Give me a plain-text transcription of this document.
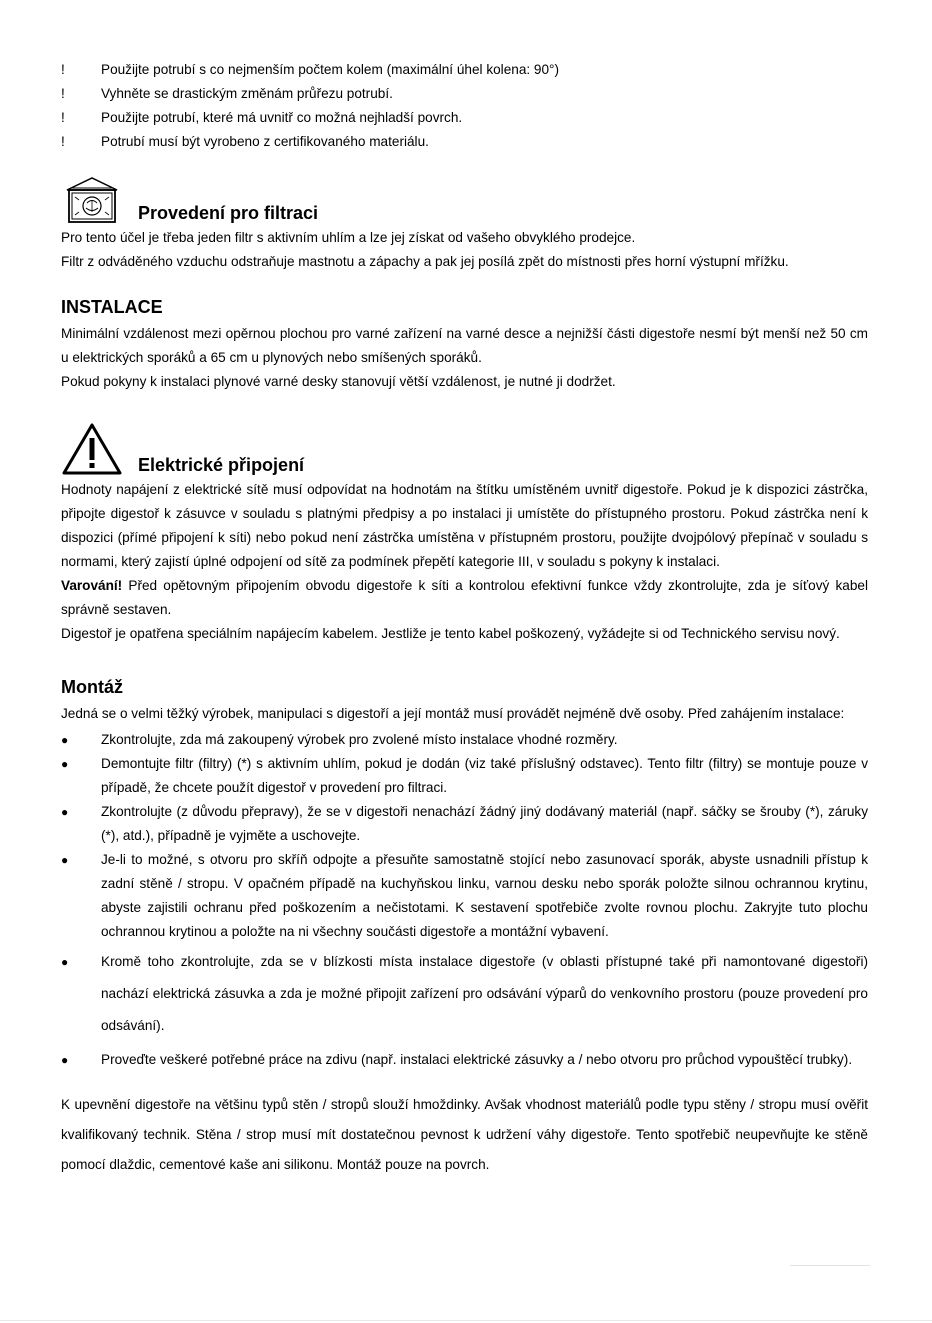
!	Použijte potrubí s co nejmenším počtem kolem (maximální úhel kolena: 90°)
!	Vyhněte se drastickým změnám průřezu potrubí.
!	Použijte potrubí, které má uvnitř co možná nejhladší povrch.
!	Potrubí musí být vyrobeno z certifikovaného materiálu.
Provedení pro filtraci

Pro tento účel je třeba jeden filtr s aktivním uhlím a lze jej získat od vašeho obvyklého prodejce.

Filtr z odváděného vzduchu odstraňuje mastnotu a zápachy a pak jej posílá zpět do místnosti přes horní výstupní mřížku.

INSTALACE

Minimální vzdálenost mezi opěrnou plochou pro varné zařízení na varné desce a nejnižší části digestoře nesmí být menší než 50 cm u elektrických sporáků a 65 cm u plynových nebo smíšených sporáků.

Pokud pokyny k instalaci plynové varné desky stanovují větší vzdálenost, je nutné ji dodržet.

Elektrické připojení

Hodnoty napájení z elektrické sítě musí odpovídat na hodnotám na štítku umístěném uvnitř digestoře. Pokud je k dispozici zástrčka, připojte digestoř k zásuvce v souladu s platnými předpisy a po instalaci ji umístěte do přístupného prostoru. Pokud zástrčka není k dispozici (přímé připojení k síti) nebo pokud není zástrčka umístěna v přístupném prostoru, použijte dvojpólový přepínač v souladu s normami, který zajistí úplné odpojení od sítě za podmínek přepětí kategorie III, v souladu s pokyny k instalaci.

Varování! Před opětovným připojením obvodu digestoře k síti a kontrolou efektivní funkce vždy zkontrolujte, zda je síťový kabel správně sestaven.

Digestoř je opatřena speciálním napájecím kabelem. Jestliže je tento kabel poškozený, vyžádejte si od Technického servisu nový.

Montáž

Jedná se o velmi těžký výrobek, manipulaci s digestoří a její montáž musí provádět nejméně dvě osoby. Před zahájením instalace:

● Zkontrolujte, zda má zakoupený výrobek pro zvolené místo instalace vhodné rozměry.
● Demontujte filtr (filtry) (*) s aktivním uhlím, pokud je dodán (viz také příslušný odstavec). Tento filtr (filtry) se montuje pouze v případě, že chcete použít digestoř v provedení pro filtraci.
● Zkontrolujte (z důvodu přepravy), že se v digestoři nenachází žádný jiný dodávaný materiál (např. sáčky se šrouby (*), záruky (*), atd.), případně je vyjměte a uschovejte.
● Je-li to možné, s otvoru pro skříň odpojte a přesuňte samostatně stojící nebo zasunovací sporák, abyste usnadnili přístup k zadní stěně / stropu. V opačném případě na kuchyňskou linku, varnou desku nebo sporák položte silnou ochrannou krytinu, abyste zajistili ochranu před poškozením a nečistotami. K sestavení spotřebiče zvolte rovnou plochu. Zakryjte tuto plochu ochrannou krytinou a položte na ni všechny součásti digestoře a montážní vybavení.
● Kromě toho zkontrolujte, zda se v blízkosti místa instalace digestoře (v oblasti přístupné také při namontované digestoři) nachází elektrická zásuvka a zda je možné připojit zařízení pro odsávání výparů do venkovního prostoru (pouze provedení pro odsávání).
● Proveďte veškeré potřebné práce na zdivu (např. instalaci elektrické zásuvky a / nebo otvoru pro průchod vypouštěcí trubky).

K upevnění digestoře na většinu typů stěn / stropů slouží hmoždinky. Avšak vhodnost materiálů podle typu stěny / stropu musí ověřit kvalifikovaný technik. Stěna / strop musí mít dostatečnou pevnost k udržení váhy digestoře. Tento spotřebič neupevňujte ke stěně pomocí dlaždic, cementové kaše ani silikonu. Montáž pouze na povrch.
